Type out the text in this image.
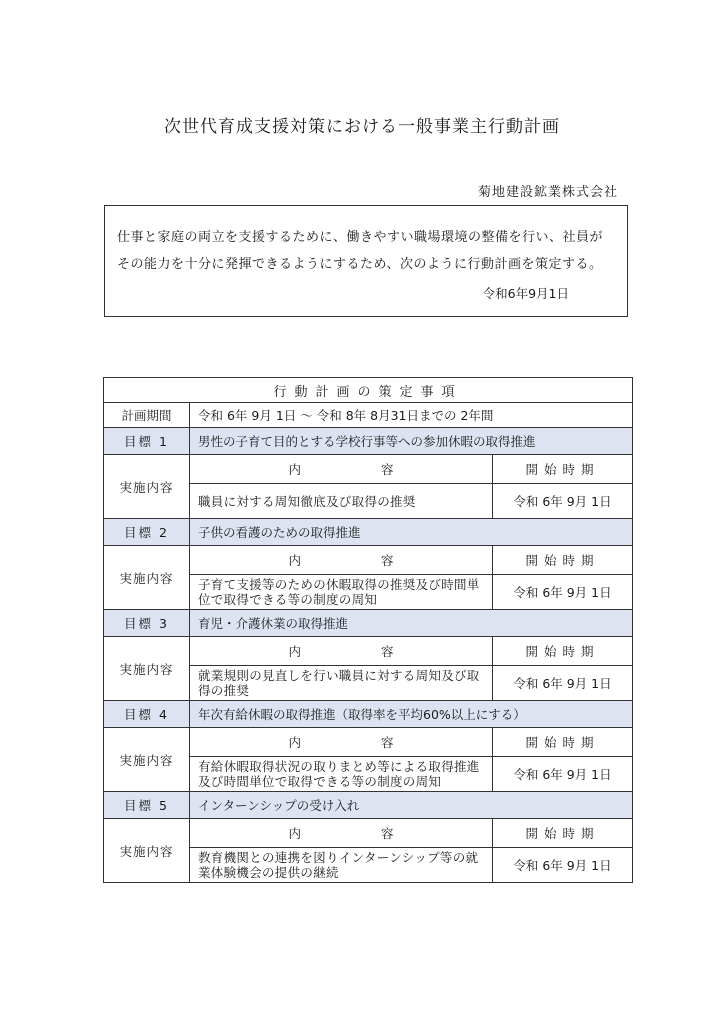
次世代育成支援対策における一般事業主行動計画
菊地建設鉱業株式会社
仕事と家庭の両立を支援するために、働きやすい職場環境の整備を行い、社員が
その能力を十分に発揮できるようにするため、次のように行動計画を策定する。
令和6年9月1日
行動計画の策定事項		
計画期間	令和 6年 9月 1日 ～ 令和 8年 8月31日までの 2年間	
目標 1	男性の子育て目的とする学校行事等への参加休暇の取得推進	
実施内容	内 容	開始時期
	職員に対する周知徹底及び取得の推奨	令和 6年 9月 1日
目標 2	子供の看護のための取得推進	
実施内容	内 容	開始時期
	子育て支援等のための休暇取得の推奨及び時間単位で取得できる等の制度の周知	令和 6年 9月 1日
目標 3	育児・介護休業の取得推進	
実施内容	内 容	開始時期
	就業規則の見直しを行い職員に対する周知及び取得の推奨	令和 6年 9月 1日
目標 4	年次有給休暇の取得推進（取得率を平均60%以上にする）	
実施内容	内 容	開始時期
	有給休暇取得状況の取りまとめ等による取得推進及び時間単位で取得できる等の制度の周知	令和 6年 9月 1日
目標 5	インターンシップの受け入れ	
実施内容	内 容	開始時期
	教育機関との連携を図りインターンシップ等の就業体験機会の提供の継続	令和 6年 9月 1日
